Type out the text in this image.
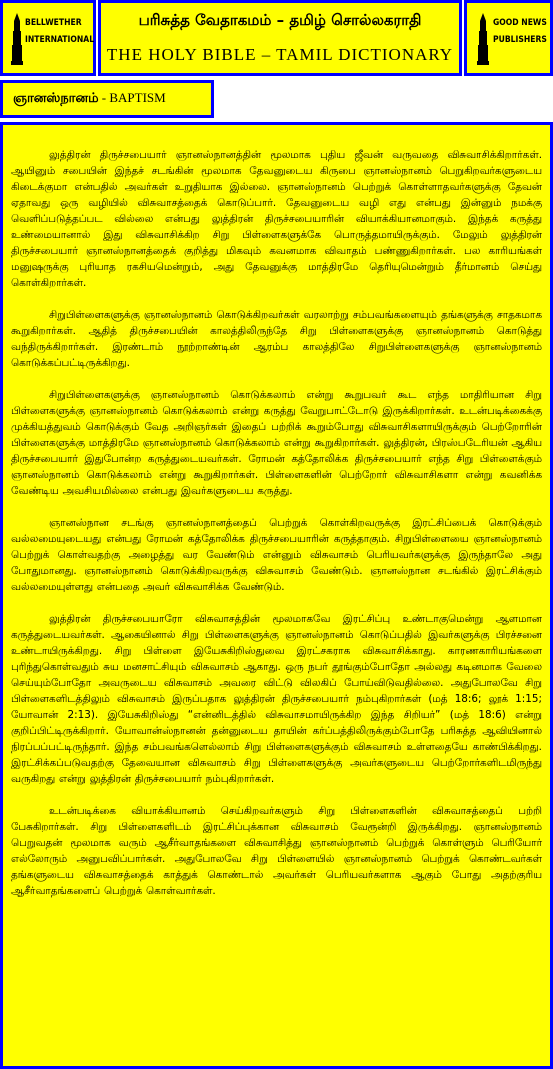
BELLWETHER
INTERNATIONAL
பரிசுத்த வேதாகமம் – தமிழ் சொல்லகராதி
THE HOLY BIBLE – TAMIL DICTIONARY
GOOD NEWS
PUBLISHERS
ஞானஸ்நானம் - BAPTISM

லுத்திரன் திருச்சபையார் ஞானஸ்நானத்தின் மூலமாக புதிய ஜீவன் வருவதை விசுவாசிக்கிறார்கள். ஆயினும் சபையின் இந்தச் சடங்கின் மூலமாக தேவனுடைய கிருபை ஞானஸ்நானம் பெறுகிறவர்களுடைய கிடைக்குமா என்பதில் அவர்கள் உறுதியாக இல்லை. ஞானஸ்நானம் பெற்றுக் கொள்ளாதவர்களுக்கு தேவன் ஏதாவது ஒரு வழியில் விசுவாசத்தைக் கொடுப்பார். தேவனுடைய வழி எது என்பது இன்னும் நமக்கு வெளிப்படுத்தப்பட வில்லை என்பது லுத்திரன் திருச்சபையாரின் வியாக்கியானமாகும். இந்தக் கருத்து உண்மையானால் இது விசுவாசிக்கிற சிறு பிள்ளைகளுக்கே பொருத்தமாயிருக்கும். மேலும் லுத்திரன் திருச்சபையார் ஞானஸ்நானத்தைக் குறித்து மிகவும் கவனமாக விவாதம் பண்ணுகிறார்கள். பல காரியங்கள் மனுஷருக்கு புரியாத ரகசியமென்றும், அது தேவனுக்கு மாத்திரமே தெரியுமென்றும் தீர்மானம் செய்து கொள்கிறார்கள்.

சிறுபிள்ளைகளுக்கு ஞானஸ்நானம் கொடுக்கிறவர்கள் வரலாற்று சம்பவங்களையும் தங்களுக்கு சாதகமாக கூறுகிறார்கள். ஆதித் திருச்சபையின் காலத்திலிருந்தே சிறு பிள்ளைகளுக்கு ஞானஸ்நானம் கொடுத்து வந்திருக்கிறார்கள். இரண்டாம் நூற்றாண்டின் ஆரம்ப காலத்திலே சிறுபிள்ளைகளுக்கு ஞானஸ்நானம் கொடுக்கப்பட்டிருக்கிறது.

சிறுபிள்ளைகளுக்கு ஞானஸ்நானம் கொடுக்கலாம் என்று கூறுபவர் கூட எந்த மாதிரியான சிறு பிள்ளைகளுக்கு ஞானஸ்நானம் கொடுக்கலாம் என்று கருத்து வேறுபாட்டோடு இருக்கிறார்கள். உடன்படிக்கைக்கு முக்கியத்துவம் கொடுக்கும் வேத அறிஞர்கள் இதைப் பற்றிக் கூறும்போது விசுவாசிகளாயிருக்கும் பெற்றோரின் பிள்ளைகளுக்கு மாத்திரமே ஞானஸ்நானம் கொடுக்கலாம் என்று கூறுகிறார்கள். லுத்திரன், பிரஸ்படேரியன் ஆகிய திருச்சபையார் இதுபோன்ற கருத்துடையவர்கள். ரோமன் கத்தோலிக்க திருச்சபையார் எந்த சிறு பிள்ளைக்கும் ஞானஸ்நானம் கொடுக்கலாம் என்று கூறுகிறார்கள். பிள்ளைகளின் பெற்றோர் விசுவாசிகளா என்று கவனிக்க வேண்டிய அவசியமில்லை என்பது இவர்களுடைய கருத்து.

ஞானஸ்நான சடங்கு ஞானஸ்நானத்தைப் பெற்றுக் கொள்கிறவருக்கு இரட்சிப்பைக் கொடுக்கும் வல்லமையுடையது என்பது ரோமன் கத்தோலிக்க திருச்சபையாரின் கருத்தாகும். சிறுபிள்ளையை ஞானஸ்நானம் பெற்றுக் கொள்வதற்கு அழைத்து வர வேண்டும் என்னும் விசுவாசம் பெரியவர்களுக்கு இருந்தாலே அது போதுமானது. ஞானஸ்நானம் கொடுக்கிறவருக்கு விசுவாசம் வேண்டும். ஞானஸ்நான சடங்கில் இரட்சிக்கும் வல்லமையுள்ளது என்பதை அவர் விசுவாசிக்க வேண்டும்.

லுத்திரன் திருச்சபையாரோ விசுவாசத்தின் மூலமாகவே இரட்சிப்பு உண்டாகுமென்று ஆளமான கருத்துடையவர்கள். ஆகையினால் சிறு பிள்ளைகளுக்கு ஞானஸ்நானம் கொடுப்பதில் இவர்களுக்கு பிரச்சனை உண்டாயிருக்கிறது. சிறு பிள்ளை இயேசுகிறிஸ்துவை இரட்சகராக விசுவாசிக்காது. காரணகாரியங்களை புரிந்துகொள்வதும் சுய மனசாட்சியும் விசுவாசம் ஆகாது. ஒரு நபர் தூங்கும்போதோ அல்லது கடினமாக வேலை செய்யும்போதோ அவருடைய விசுவாசம் அவரை விட்டு விலகிப் போய்விடுவதில்லை. அதுபோலவே சிறு பிள்ளைகளிடத்திலும் விசுவாசம் இருப்பதாக லுத்திரன் திருச்சபையார் நம்புகிறார்கள் (மத் 18:6; லூக் 1:15; யோவான் 2:13). இயேசுகிறிஸ்து “என்னிடத்தில் விசுவாசமாயிருக்கிற இந்த சிறியர்” (மத் 18:6) என்று குறிப்பிட்டிருக்கிறார். யோவான்ஸ்நானன் தன்னுடைய தாயின் கர்ப்பத்திலிருக்கும்போதே பரிசுத்த ஆவியினால் நிரப்பப்பட்டிருந்தார். இந்த சம்பவங்களெல்லாம் சிறு பிள்ளைகளுக்கும் விசுவாசம் உள்ளதையே காண்பிக்கிறது. இரட்சிக்கப்படுவதற்கு தேவையான விசுவாசம் சிறு பிள்ளைகளுக்கு அவர்களுடைய பெற்றோர்களிடமிருந்து வருகிறது என்று லுத்திரன் திருச்சபையார் நம்புகிறார்கள்.

உடன்படிக்கை வியாக்கியானம் செய்கிறவர்களும் சிறு பிள்ளைகளின் விசுவாசத்தைப் பற்றி பேசுகிறார்கள். சிறு பிள்ளைகளிடம் இரட்சிப்புக்கான விசுவாசம் வேரூன்றி இருக்கிறது. ஞானஸ்நானம் பெறுவதன் மூலமாக வரும் ஆசீர்வாதங்களை விசுவாசித்து ஞானஸ்நானம் பெற்றுக் கொள்ளும் பெரியோர் எல்லோரும் அனுபவிப்பார்கள். அதுபோலவே சிறு பிள்ளையில் ஞானஸ்நானம் பெற்றுக் கொண்டவர்கள் தங்களுடைய விசுவாசத்தைக் காத்துக் கொண்டால் அவர்கள் பெரியவர்களாக ஆகும் போது அதற்குரிய ஆசீர்வாதங்களைப் பெற்றுக் கொள்வார்கள்.
